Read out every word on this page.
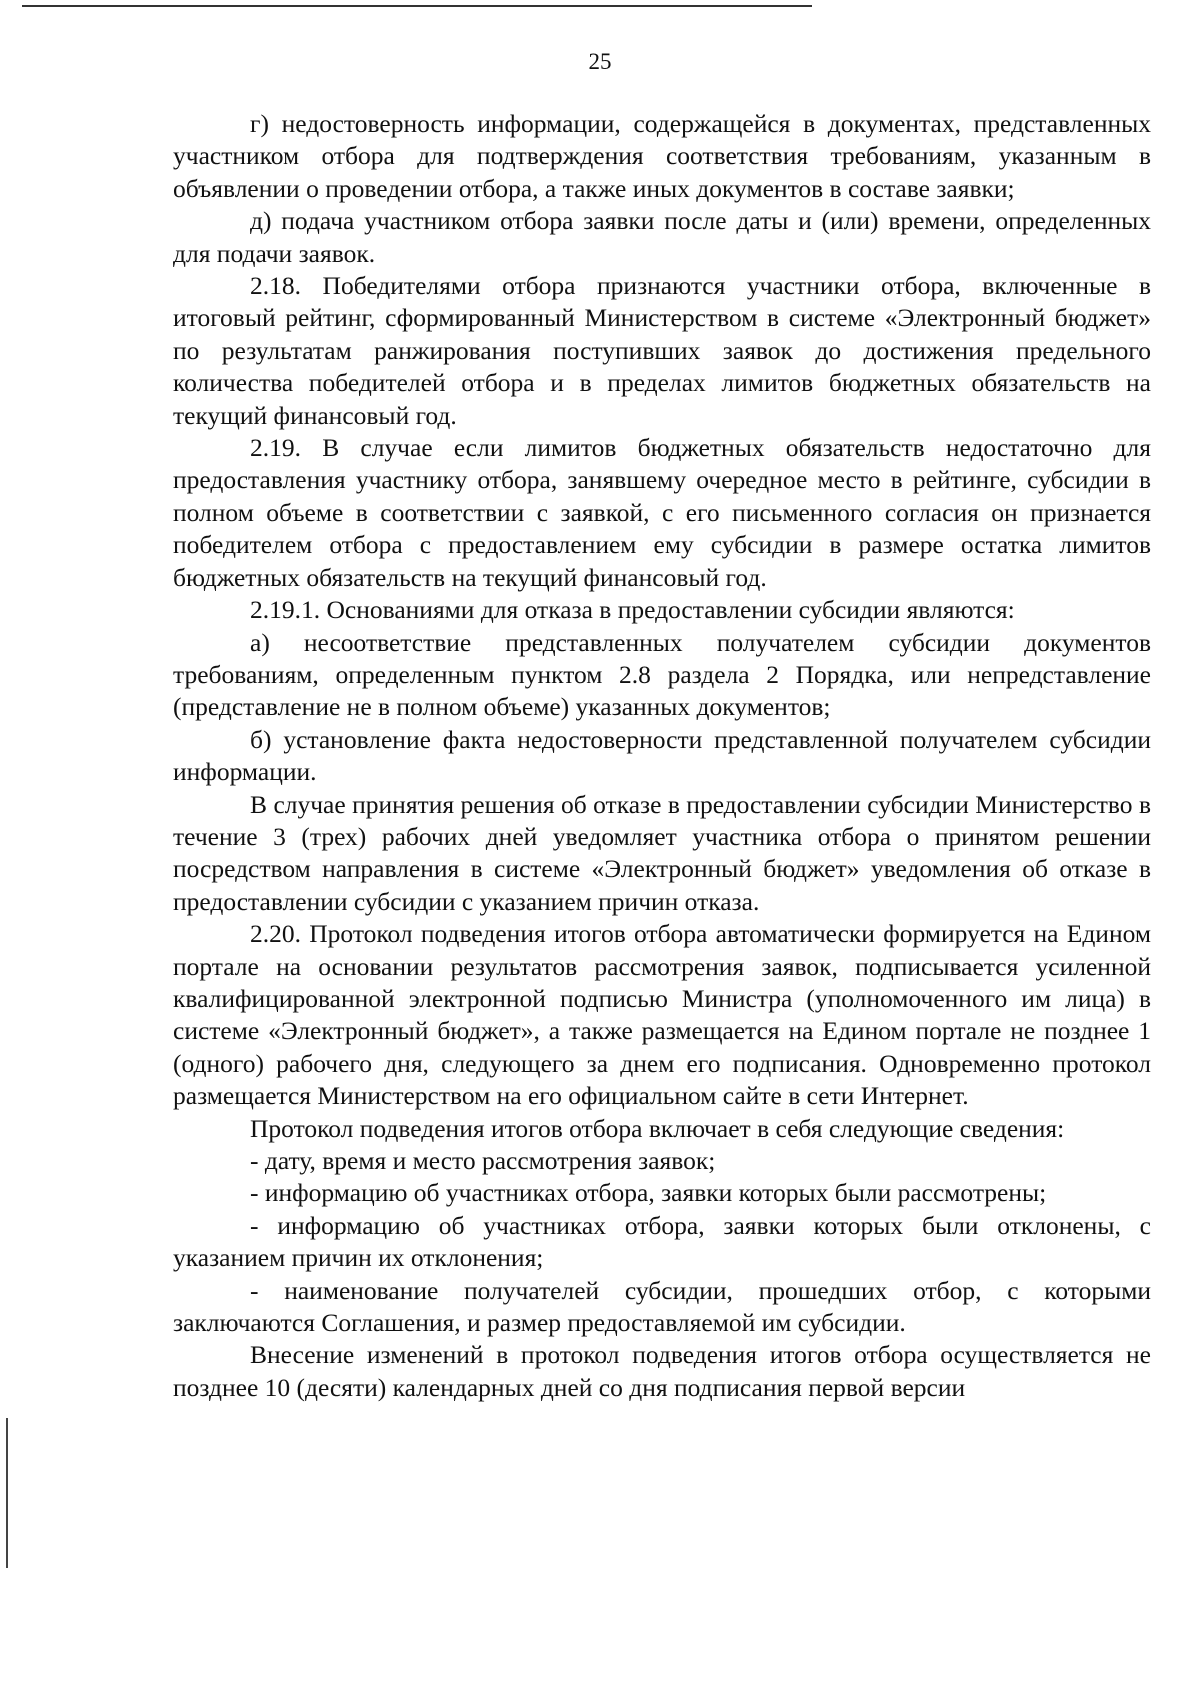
25

г) недостоверность информации, содержащейся в документах, представленных участником отбора для подтверждения соответствия требованиям, указанным в объявлении о проведении отбора, а также иных документов в составе заявки;

д) подача участником отбора заявки после даты и (или) времени, определенных для подачи заявок.

2.18. Победителями отбора признаются участники отбора, включенные в итоговый рейтинг, сформированный Министерством в системе «Электронный бюджет» по результатам ранжирования поступивших заявок до достижения предельного количества победителей отбора и в пределах лимитов бюджетных обязательств на текущий финансовый год.

2.19. В случае если лимитов бюджетных обязательств недостаточно для предоставления участнику отбора, занявшему очередное место в рейтинге, субсидии в полном объеме в соответствии с заявкой, с его письменного согласия он признается победителем отбора с предоставлением ему субсидии в размере остатка лимитов бюджетных обязательств на текущий финансовый год.

2.19.1. Основаниями для отказа в предоставлении субсидии являются:

а) несоответствие представленных получателем субсидии документов требованиям, определенным пунктом 2.8 раздела 2 Порядка, или непредставление (представление не в полном объеме) указанных документов;

б) установление факта недостоверности представленной получателем субсидии информации.

В случае принятия решения об отказе в предоставлении субсидии Министерство в течение 3 (трех) рабочих дней уведомляет участника отбора о принятом решении посредством направления в системе «Электронный бюджет» уведомления об отказе в предоставлении субсидии с указанием причин отказа.

2.20. Протокол подведения итогов отбора автоматически формируется на Едином портале на основании результатов рассмотрения заявок, подписывается усиленной квалифицированной электронной подписью Министра (уполномоченного им лица) в системе «Электронный бюджет», а также размещается на Едином портале не позднее 1 (одного) рабочего дня, следующего за днем его подписания. Одновременно протокол размещается Министерством на его официальном сайте в сети Интернет.

Протокол подведения итогов отбора включает в себя следующие сведения:

- дату, время и место рассмотрения заявок;

- информацию об участниках отбора, заявки которых были рассмотрены;

- информацию об участниках отбора, заявки которых были отклонены, с указанием причин их отклонения;

- наименование получателей субсидии, прошедших отбор, с которыми заключаются Соглашения, и размер предоставляемой им субсидии.

Внесение изменений в протокол подведения итогов отбора осуществляется не позднее 10 (десяти) календарных дней со дня подписания первой версии
